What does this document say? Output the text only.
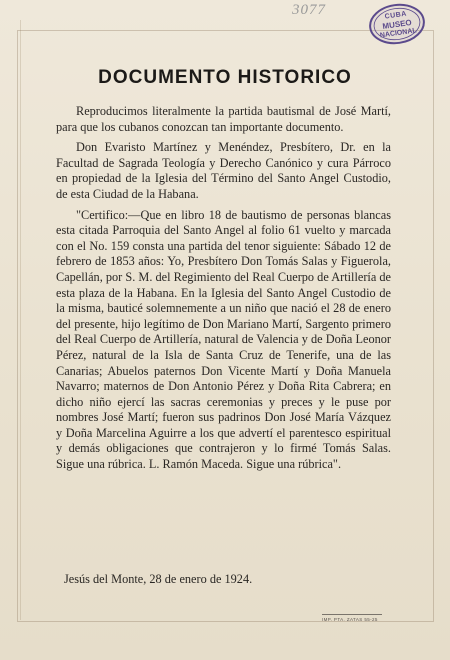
3077	CUBA
MUSEO
NACIONAL
DOCUMENTO HISTORICO

Reproducimos literalmente la partida bautismal de José Martí, para que los cubanos conozcan tan importante documento.

Don Evaristo Martínez y Menéndez, Presbítero, Dr. en la Facultad de Sagrada Teología y Derecho Canónico y cura Párroco en propiedad de la Iglesia del Término del Santo Angel Custodio, de esta Ciudad de la Habana.

"Certifico:—Que en libro 18 de bautismo de personas blancas esta citada Parroquia del Santo Angel al folio 61 vuelto y marcada con el No. 159 consta una partida del tenor siguiente: Sábado 12 de febrero de 1853 años: Yo, Presbítero Don Tomás Salas y Figuerola, Capellán, por S. M. del Regimiento del Real Cuerpo de Artillería de esta plaza de la Habana. En la Iglesia del Santo Angel Custodio de la misma, bauticé solemnemente a un niño que nació el 28 de enero del presente, hijo legítimo de Don Mariano Martí, Sargento primero del Real Cuerpo de Artillería, natural de Valencia y de Doña Leonor Pérez, natural de la Isla de Santa Cruz de Tenerife, una de las Canarias; Abuelos paternos Don Vicente Martí y Doña Manuela Navarro; maternos de Don Antonio Pérez y Doña Rita Cabrera; en dicho niño ejercí las sacras ceremonias y preces y le puse por nombres José Martí; fueron sus padrinos Don José María Vázquez y Doña Marcelina Aguirre a los que advertí el parentesco espiritual y demás obligaciones que contrajeron y lo firmé Tomás Salas. Sigue una rúbrica. L. Ramón Maceda. Sigue una rúbrica".

Jesús del Monte, 28 de enero de 1924.
IMP. PTA. ZATAS 55-25
